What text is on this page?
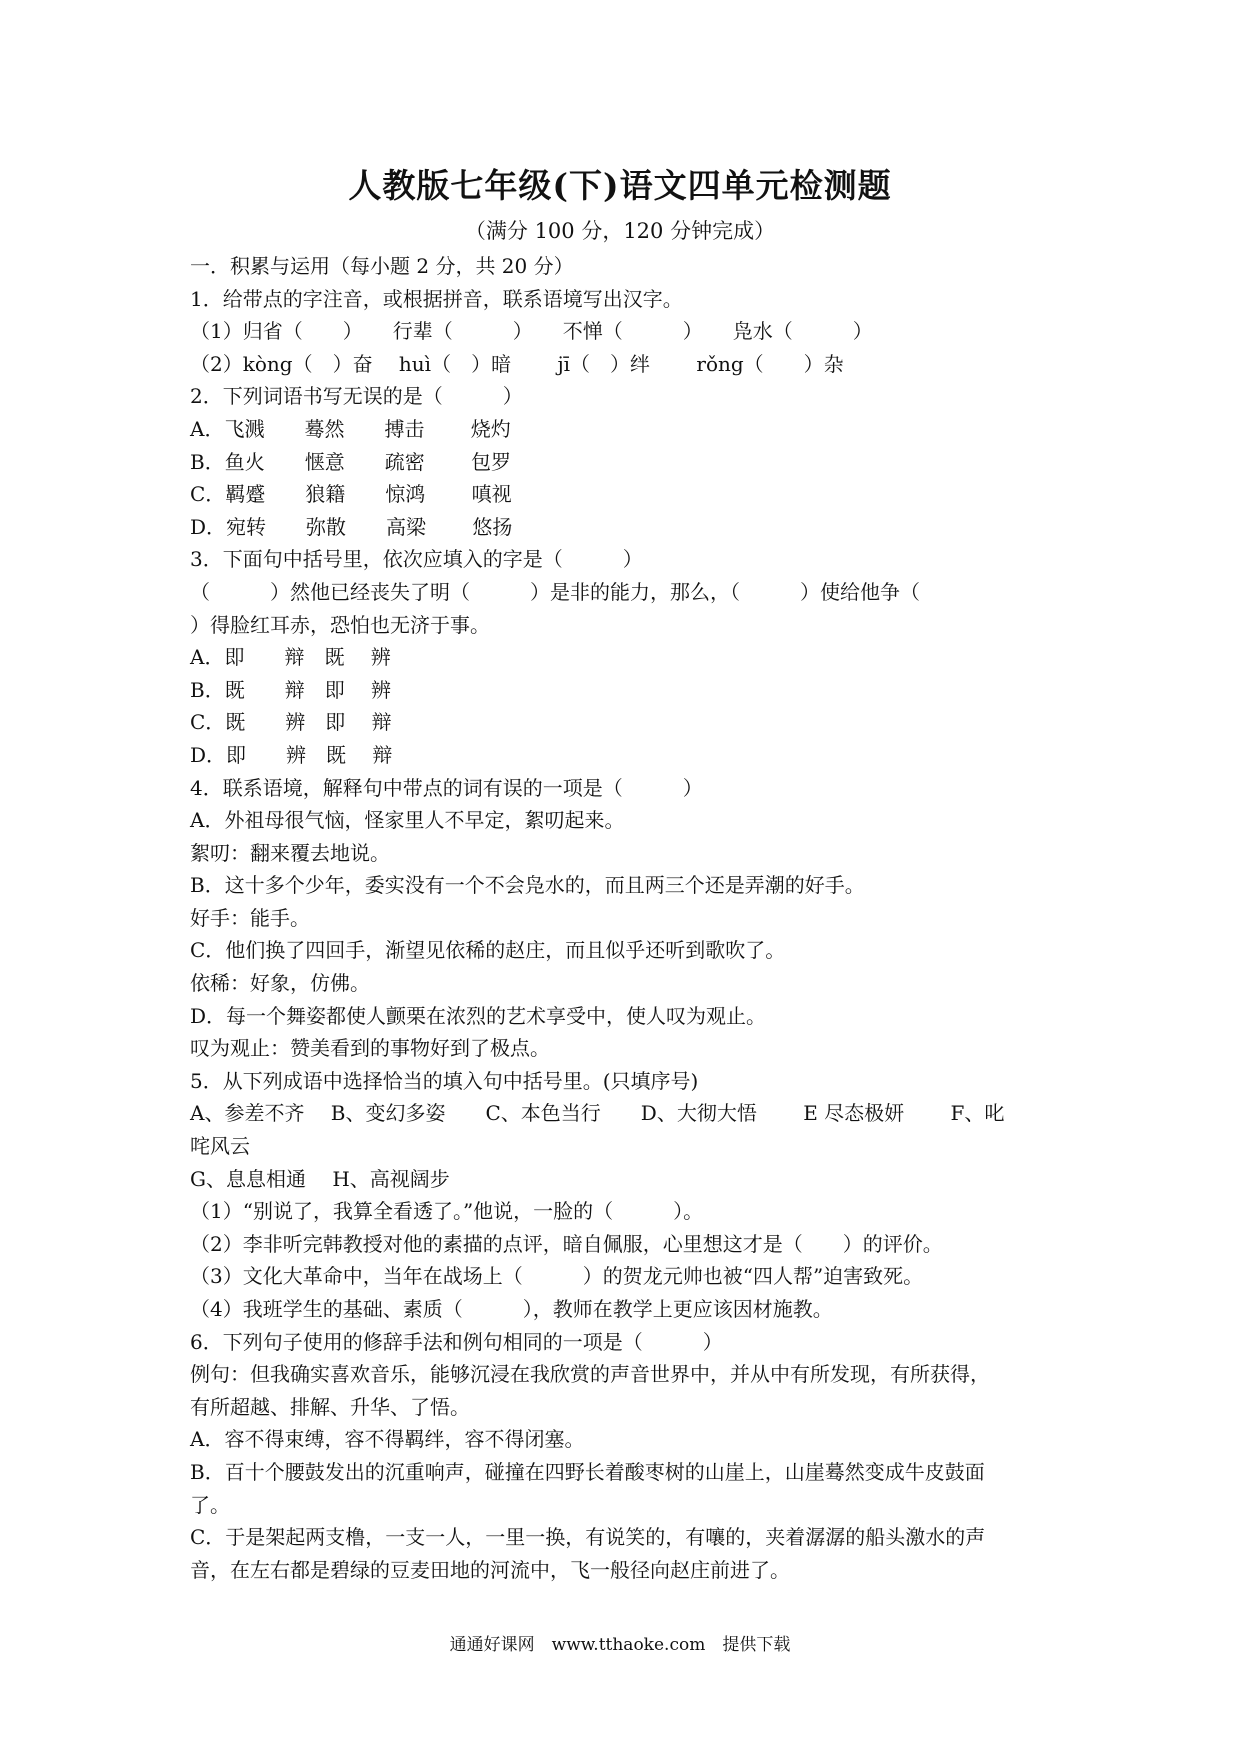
人教版七年级(下)语文四单元检测题
（满分 100 分，120 分钟完成）
一．积累与运用（每小题 2 分，共 20 分）
1．给带点的字注音，或根据拼音，联系语境写出汉字。
（1）归省（　　）　　行辈（　　　）　　不惮（　　　）　　凫水（　　　）
（2）kòng（　）奋　 huì（　）暗　　 jī（　）绊　　 rǒng（　　）杂
2．下列词语书写无误的是（　　　）
A．飞溅　　蓦然　　搏击　　 烧灼
B．鱼火　　惬意　　疏密　　 包罗
C．羁蹙　　狼籍　　惊鸿　　 嗔视
D．宛转　　弥散　　高梁　　 悠扬
3．下面句中括号里，依次应填入的字是（　　　）
（　　　）然他已经丧失了明（　　　）是非的能力，那么，（　　　）使给他争（
）得脸红耳赤，恐怕也无济于事。
A．即　　辩　既　 辨
B．既　　辩　即　 辨
C．既　　辨　即　 辩
D．即　　辨　既　 辩
4．联系语境，解释句中带点的词有误的一项是（　　　）
A．外祖母很气恼，怪家里人不早定，絮叨起来。
絮叨：翻来覆去地说。
B．这十多个少年，委实没有一个不会凫水的，而且两三个还是弄潮的好手。
好手：能手。
C．他们换了四回手，渐望见依稀的赵庄，而且似乎还听到歌吹了。
依稀：好象，仿佛。
D．每一个舞姿都使人颤栗在浓烈的艺术享受中，使人叹为观止。
叹为观止：赞美看到的事物好到了极点。
5．从下列成语中选择恰当的填入句中括号里。(只填序号)
A、参差不齐　 B、变幻多姿　　C、本色当行　　D、大彻大悟　　 E 尽态极妍　　 F、叱
咤风云
G、息息相通　 H、高视阔步
（1）“别说了，我算全看透了。”他说，一脸的（　　　）。
（2）李非听完韩教授对他的素描的点评，暗自佩服，心里想这才是（　　）的评价。
（3）文化大革命中，当年在战场上（　　　）的贺龙元帅也被“四人帮”迫害致死。
（4）我班学生的基础、素质（　　　），教师在教学上更应该因材施教。
6．下列句子使用的修辞手法和例句相同的一项是（　　　）
例句：但我确实喜欢音乐，能够沉浸在我欣赏的声音世界中，并从中有所发现，有所获得，
有所超越、排解、升华、了悟。
A．容不得束缚，容不得羁绊，容不得闭塞。
B．百十个腰鼓发出的沉重响声，碰撞在四野长着酸枣树的山崖上，山崖蓦然变成牛皮鼓面
了。
C．于是架起两支橹，一支一人，一里一换，有说笑的，有嚷的，夹着潺潺的船头激水的声
音，在左右都是碧绿的豆麦田地的河流中，飞一般径向赵庄前进了。
通通好课网　www.tthaoke.com　提供下载
